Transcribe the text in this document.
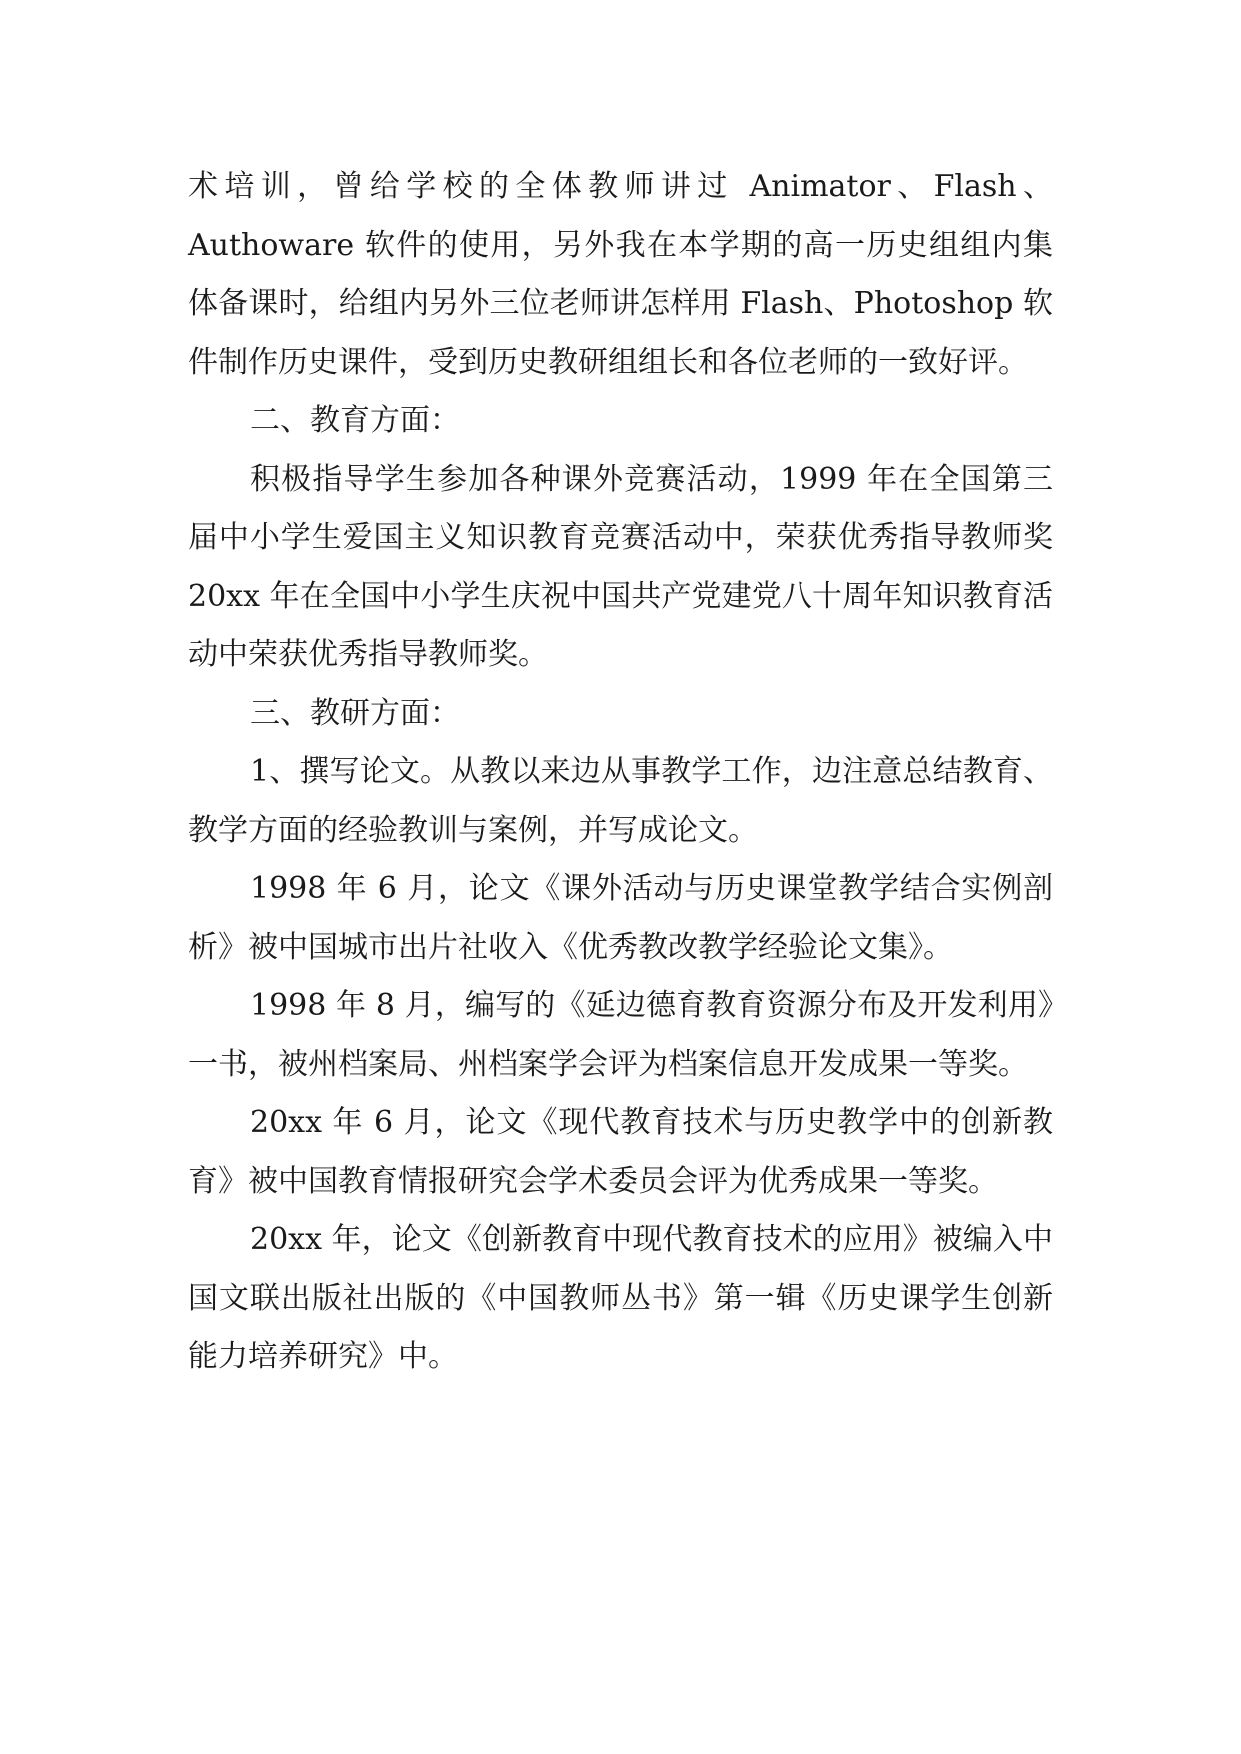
术培训，曾给学校的全体教师讲过 Animator、Flash、Authoware 软件的使用，另外我在本学期的高一历史组组内集体备课时，给组内另外三位老师讲怎样用 Flash、Photoshop 软件制作历史课件，受到历史教研组组长和各位老师的一致好评。

二、教育方面：

积极指导学生参加各种课外竞赛活动，1999 年在全国第三届中小学生爱国主义知识教育竞赛活动中，荣获优秀指导教师奖 20xx 年在全国中小学生庆祝中国共产党建党八十周年知识教育活动中荣获优秀指导教师奖。

三、教研方面：

1、撰写论文。从教以来边从事教学工作，边注意总结教育、教学方面的经验教训与案例，并写成论文。

1998 年 6 月，论文《课外活动与历史课堂教学结合实例剖析》被中国城市出片社收入《优秀教改教学经验论文集》。

1998 年 8 月，编写的《延边德育教育资源分布及开发利用》一书，被州档案局、州档案学会评为档案信息开发成果一等奖。

20xx 年 6 月，论文《现代教育技术与历史教学中的创新教育》被中国教育情报研究会学术委员会评为优秀成果一等奖。

20xx 年，论文《创新教育中现代教育技术的应用》被编入中国文联出版社出版的《中国教师丛书》第一辑《历史课学生创新能力培养研究》中。
